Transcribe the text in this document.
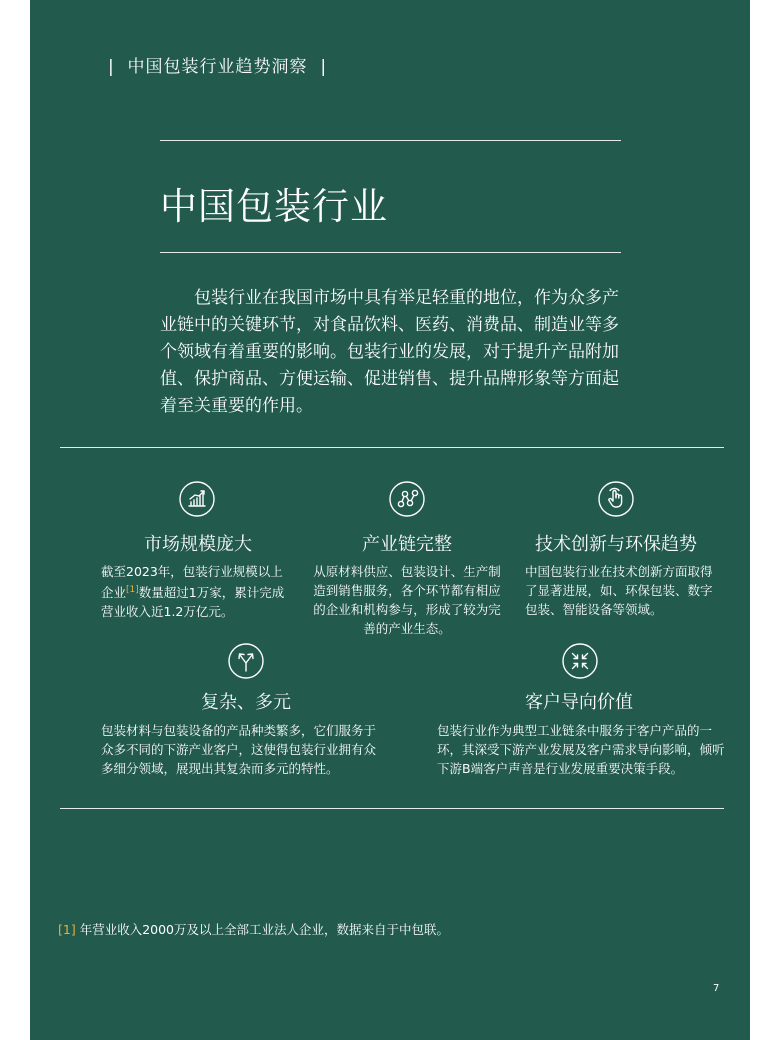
|  中国包装行业趋势洞察  |
中国包装行业

包装行业在我国市场中具有举足轻重的地位，作为众多产业链中的关键环节，对食品饮料、医药、消费品、制造业等多个领域有着重要的影响。包装行业的发展，对于提升产品附加值、保护商品、方便运输、促进销售、提升品牌形象等方面起着至关重要的作用。

市场规模庞大
截至2023年，包装行业规模以上企业[1]数量超过1万家，累计完成营业收入近1.2万亿元。
产业链完整
从原材料供应、包装设计、生产制造到销售服务，各个环节都有相应的企业和机构参与，形成了较为完善的产业生态。
技术创新与环保趋势
中国包装行业在技术创新方面取得了显著进展，如、环保包装、数字包装、智能设备等领域。
复杂、多元
包装材料与包装设备的产品种类繁多，它们服务于众多不同的下游产业客户，这使得包装行业拥有众多细分领域，展现出其复杂而多元的特性。
客户导向价值
包装行业作为典型工业链条中服务于客户产品的一环，其深受下游产业发展及客户需求导向影响，倾听下游B端客户声音是行业发展重要决策手段。
[1] 年营业收入2000万及以上全部工业法人企业，数据来自于中包联。
7
